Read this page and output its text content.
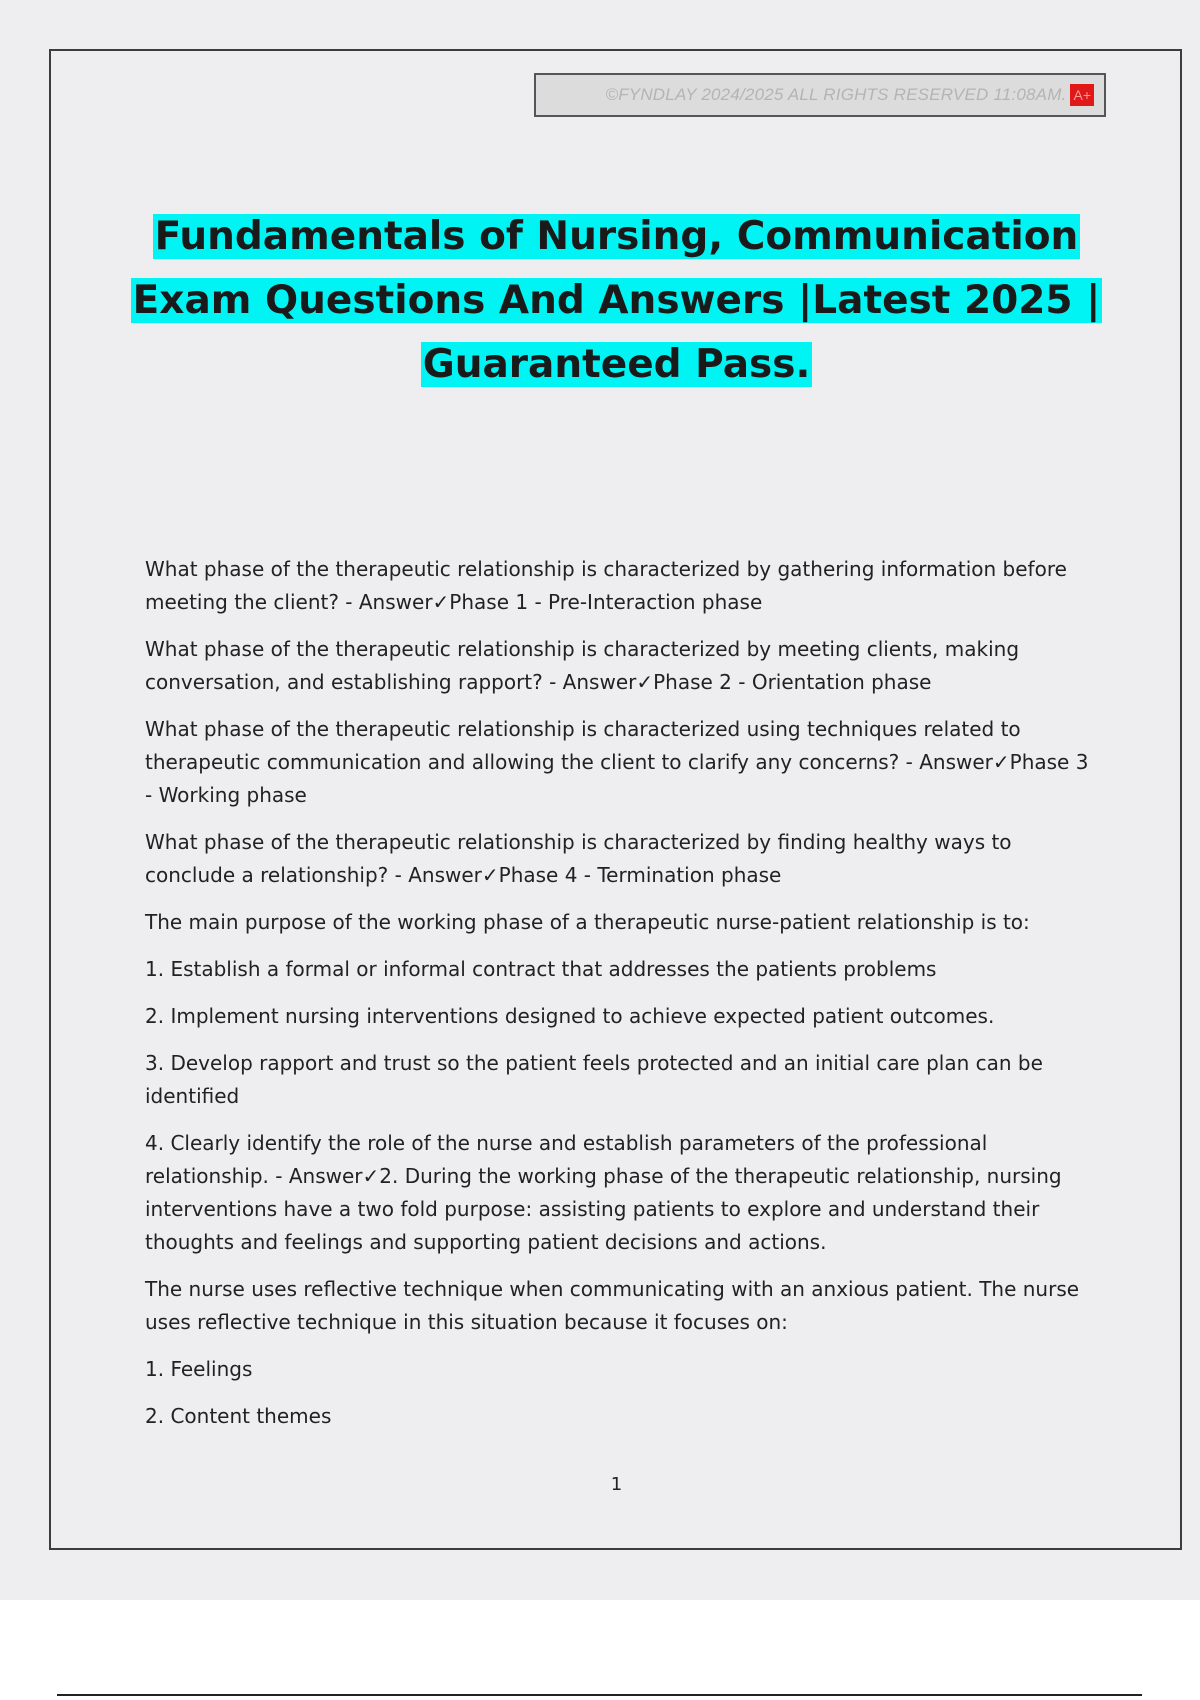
©FYNDLAY 2024/2025 ALL RIGHTS RESERVED 11:08AM. A+
Fundamentals of Nursing, Communication
Exam Questions And Answers |Latest 2025 |
Guaranteed Pass.

What phase of the therapeutic relationship is characterized by gathering information before meeting the client? - Answer✓Phase 1 - Pre-Interaction phase

What phase of the therapeutic relationship is characterized by meeting clients, making conversation, and establishing rapport? - Answer✓Phase 2 - Orientation phase

What phase of the therapeutic relationship is characterized using techniques related to therapeutic communication and allowing the client to clarify any concerns? - Answer✓Phase 3 - Working phase

What phase of the therapeutic relationship is characterized by finding healthy ways to conclude a relationship? - Answer✓Phase 4 - Termination phase

The main purpose of the working phase of a therapeutic nurse-patient relationship is to:

1. Establish a formal or informal contract that addresses the patients problems

2. Implement nursing interventions designed to achieve expected patient outcomes.

3. Develop rapport and trust so the patient feels protected and an initial care plan can be identified

4. Clearly identify the role of the nurse and establish parameters of the professional relationship. - Answer✓2. During the working phase of the therapeutic relationship, nursing interventions have a two fold purpose: assisting patients to explore and understand their thoughts and feelings and supporting patient decisions and actions.

The nurse uses reflective technique when communicating with an anxious patient. The nurse uses reflective technique in this situation because it focuses on:

1. Feelings

2. Content themes

1
